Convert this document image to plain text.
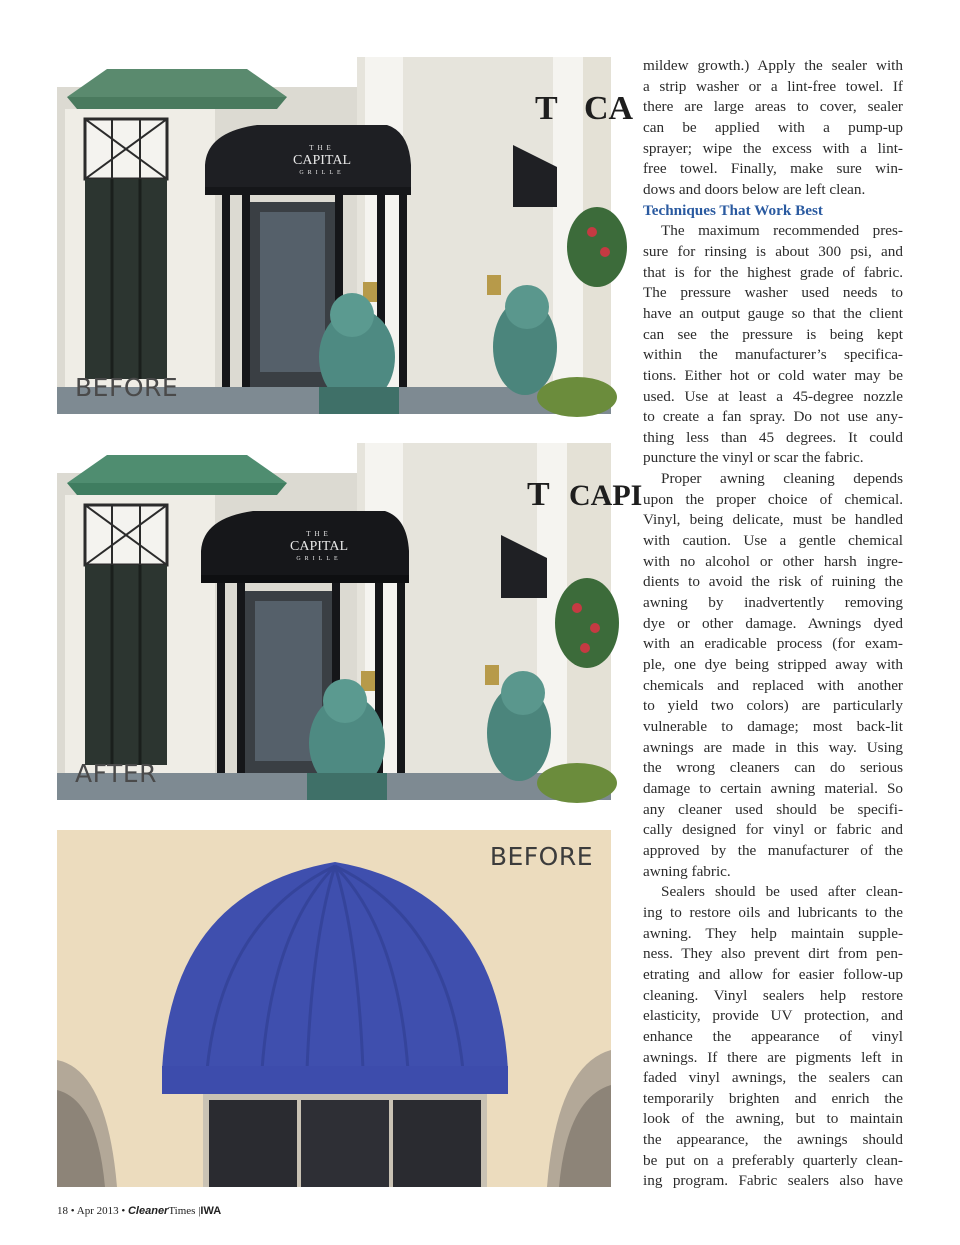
T CA
THE
CAPITAL
GRILLE
BEFORE
T CAPI
THE
CAPITAL
GRILLE
AFTER
BEFORE
mildew growth.) Apply the sealer with
a strip washer or a lint-free towel. If
there are large areas to cover, sealer
can be applied with a pump-up
sprayer; wipe the excess with a lint-
free towel. Finally, make sure win-
dows and doors below are left clean.
Techniques That Work Best
The maximum recommended pres-
sure for rinsing is about 300 psi, and
that is for the highest grade of fabric.
The pressure washer used needs to
have an output gauge so that the client
can see the pressure is being kept
within the manufacturer’s specifica-
tions. Either hot or cold water may be
used. Use at least a 45-degree nozzle
to create a fan spray. Do not use any-
thing less than 45 degrees. It could
puncture the vinyl or scar the fabric.
Proper awning cleaning depends
upon the proper choice of chemical.
Vinyl, being delicate, must be handled
with caution. Use a gentle chemical
with no alcohol or other harsh ingre-
dients to avoid the risk of ruining the
awning by inadvertently removing
dye or other damage. Awnings dyed
with an eradicable process (for exam-
ple, one dye being stripped away with
chemicals and replaced with another
to yield two colors) are particularly
vulnerable to damage; most back-lit
awnings are made in this way. Using
the wrong cleaners can do serious
damage to certain awning material. So
any cleaner used should be specifi-
cally designed for vinyl or fabric and
approved by the manufacturer of the
awning fabric.
Sealers should be used after clean-
ing to restore oils and lubricants to the
awning. They help maintain supple-
ness. They also prevent dirt from pen-
etrating and allow for easier follow-up
cleaning. Vinyl sealers help restore
elasticity, provide UV protection, and
enhance the appearance of vinyl
awnings. If there are pigments left in
faded vinyl awnings, the sealers can
temporarily brighten and enrich the
look of the awning, but to maintain
the appearance, the awnings should
be put on a preferably quarterly clean-
ing program. Fabric sealers also have
18 • Apr 2013 • CleanerTimes |IWA
